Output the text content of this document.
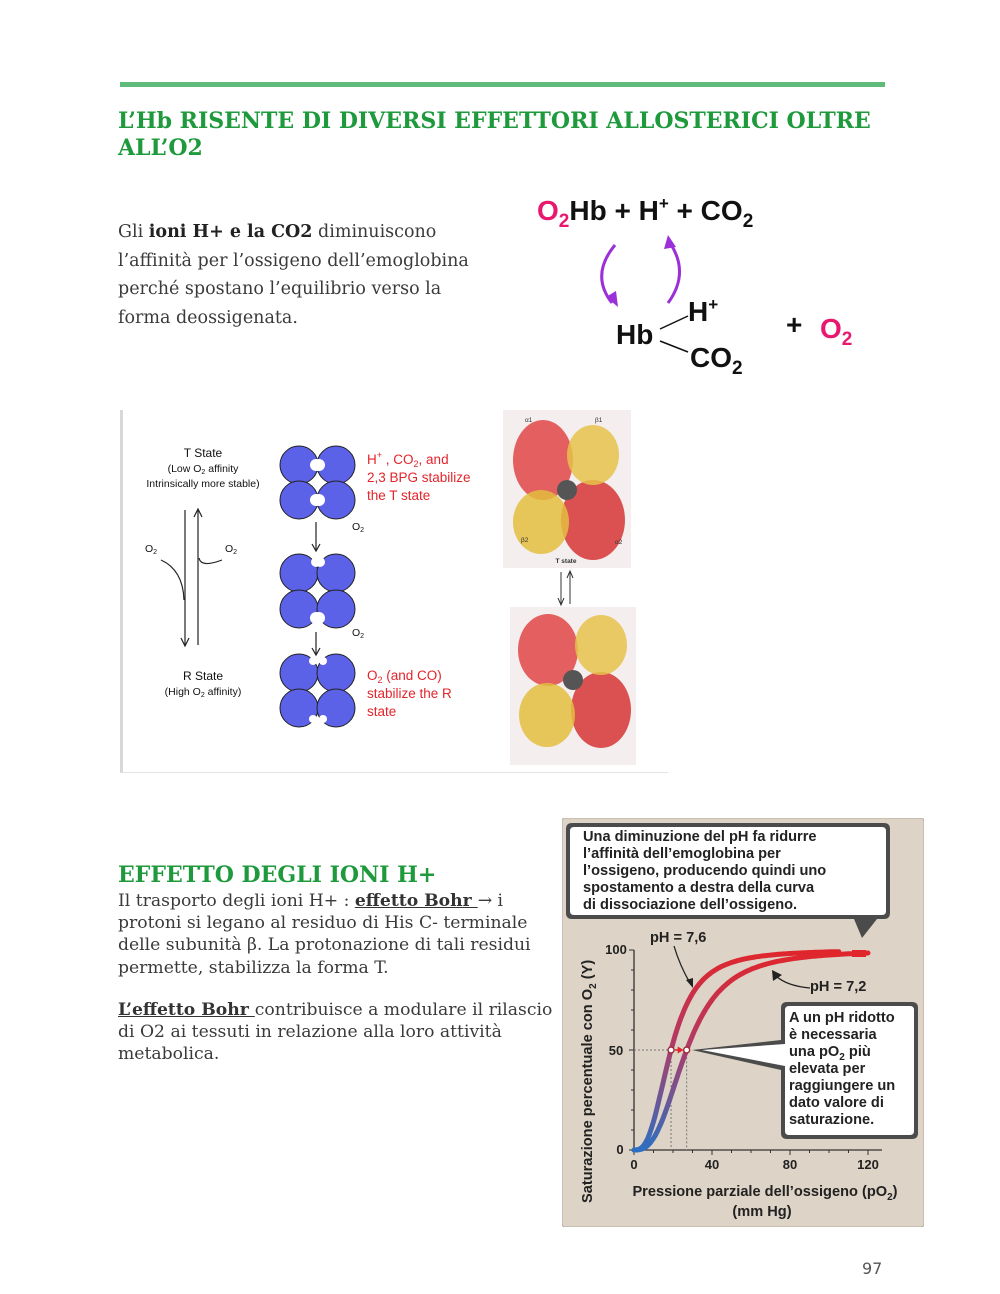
L’Hb RISENTE DI DIVERSI EFFETTORI ALLOSTERICI OLTRE
ALL’O2
Gli ioni H+ e la CO2 diminuiscono l’affinità per l’ossigeno dell’emoglobina perché spostano l’equilibrio verso la forma deossigenata.
$O_2Hb + H^+ + CO_2$
Hb
H+
$CO_2$
+ $O_2$
T State
(Low O2 affinity
Intrinsically more stable)
R State
(High O2 affinity)
O2	O2
O2
O2
H+ , $CO_2$, and
2,3 BPG stabilize
the T state
$O_2$ (and CO)
stabilize the R
state
α1	β1
β2	α2
T state
EFFETTO DEGLI IONI H+
Il trasporto degli ioni H+ : effetto Bohr → i protoni si legano al residuo di His C- terminale delle subunità β. La protonazione di tali residui permette, stabilizza la forma T.
L’effetto Bohr contribuisce a modulare il rilascio di O2 ai tessuti in relazione alla loro attività metabolica.
Una diminuzione del pH fa ridurre
l’affinità dell’emoglobina per
l’ossigeno, producendo quindi uno
spostamento a destra della curva
di dissociazione dell’ossigeno.
0	40	80	120
0
50
100
pH = 7,6
pH = 7,2
Pressione parziale dell’ossigeno $(pO_2)$
(mm Hg)
Saturazione percentuale con $O_2$ (Y)
A un pH ridotto
è necessaria
una $pO_2$ più
elevata per
raggiungere un
dato valore di
saturazione.
97
